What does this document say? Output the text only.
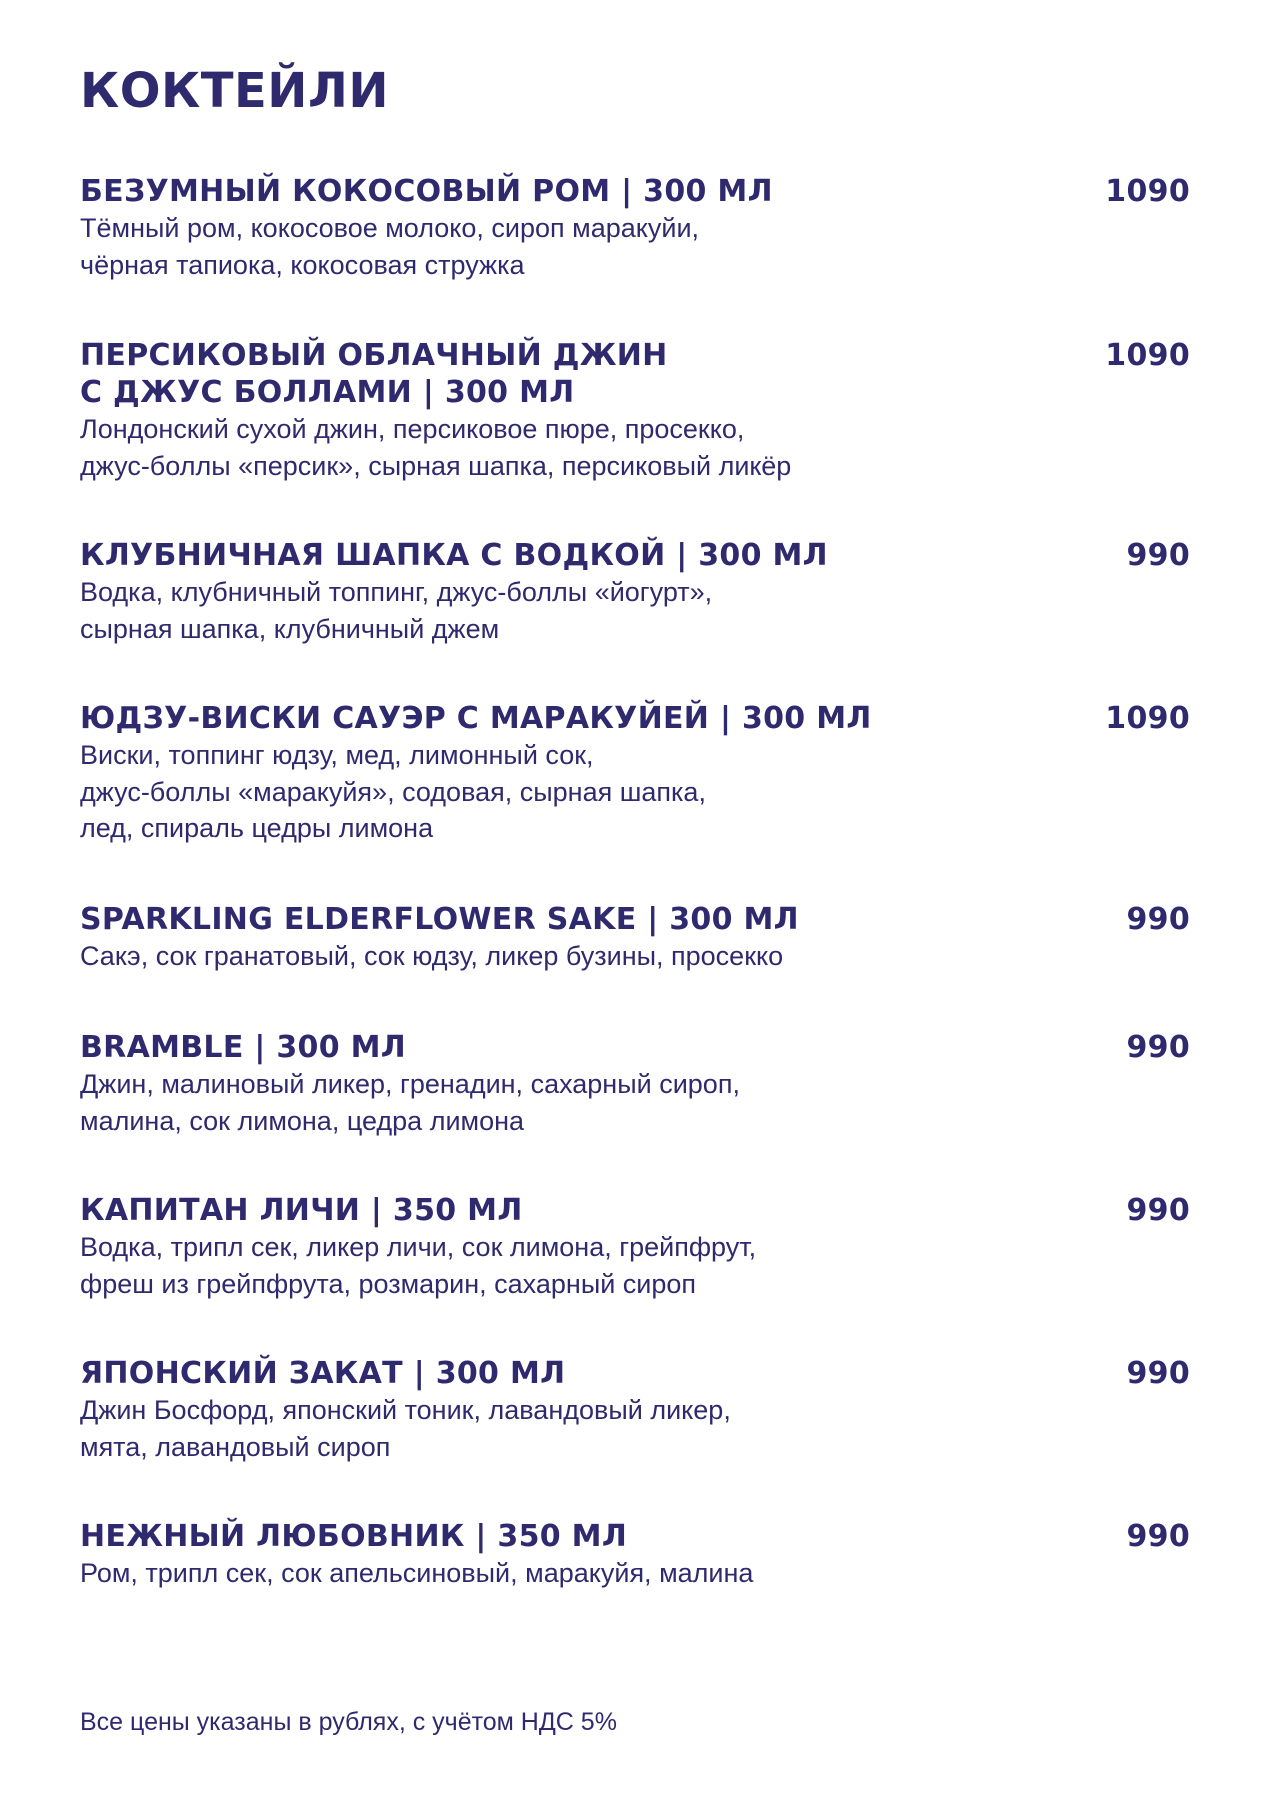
КОКТЕЙЛИ

БЕЗУМНЫЙ КОКОСОВЫЙ РОМ | 300 МЛ

Тёмный ром, кокосовое молоко, сироп маракуйи,
чёрная тапиока, кокосовая стружка

1090

ПЕРСИКОВЫЙ ОБЛАЧНЫЙ ДЖИН
С ДЖУС БОЛЛАМИ | 300 МЛ

Лондонский сухой джин, персиковое пюре, просекко,
джус-боллы «персик», сырная шапка, персиковый ликёр

1090

КЛУБНИЧНАЯ ШАПКА С ВОДКОЙ | 300 МЛ

Водка, клубничный топпинг, джус-боллы «йогурт»,
сырная шапка, клубничный джем

990

ЮДЗУ-ВИСКИ САУЭР С МАРАКУЙЕЙ | 300 МЛ

Виски, топпинг юдзу, мед, лимонный сок,
джус-боллы «маракуйя», содовая, сырная шапка,
лед, спираль цедры лимона

1090

SPARKLING ELDERFLOWER SAKE | 300 МЛ

Сакэ, сок гранатовый, сок юдзу, ликер бузины, просекко

990

BRAMBLE | 300 МЛ

Джин, малиновый ликер, гренадин, сахарный сироп,
малина, сок лимона, цедра лимона

990

КАПИТАН ЛИЧИ | 350 МЛ

Водка, трипл сек, ликер личи, сок лимона, грейпфрут,
фреш из грейпфрута, розмарин, сахарный сироп

990

ЯПОНСКИЙ ЗАКАТ | 300 МЛ

Джин Босфорд, японский тоник, лавандовый ликер,
мята, лавандовый сироп

990

НЕЖНЫЙ ЛЮБОВНИК | 350 МЛ

Ром, трипл сек, сок апельсиновый, маракуйя, малина

990

Все цены указаны в рублях, с учётом НДС 5%
